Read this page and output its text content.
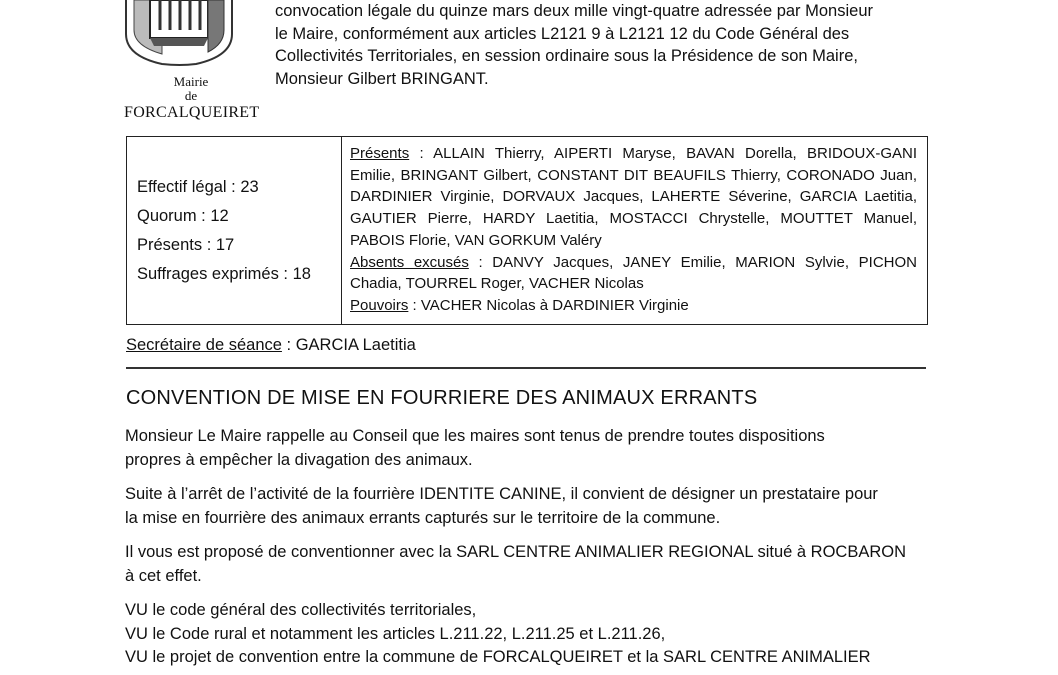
Mairie
de
FORCALQUEIRET
convocation légale du quinze mars deux mille vingt-quatre adressée par Monsieur
le Maire, conformément aux articles L2121 9 à L2121 12 du Code Général des
Collectivités Territoriales, en session ordinaire sous la Présidence de son Maire,
Monsieur Gilbert BRINGANT.
Effectif légal : 23
Quorum : 12
Présents : 17
Suffrages exprimés : 18

Présents : ALLAIN Thierry, AIPERTI Maryse, BAVAN Dorella, BRIDOUX-GANI Emilie, BRINGANT Gilbert, CONSTANT DIT BEAUFILS Thierry, CORONADO Juan, DARDINIER Virginie, DORVAUX Jacques, LAHERTE Séverine, GARCIA Laetitia, GAUTIER Pierre, HARDY Laetitia, MOSTACCI Chrystelle, MOUTTET Manuel, PABOIS Florie, VAN GORKUM Valéry

Absents excusés : DANVY Jacques, JANEY Emilie, MARION Sylvie, PICHON Chadia, TOURREL Roger, VACHER Nicolas

Pouvoirs : VACHER Nicolas à DARDINIER Virginie

Secrétaire de séance : GARCIA Laetitia
CONVENTION DE MISE EN FOURRIERE DES ANIMAUX ERRANTS
Monsieur Le Maire rappelle au Conseil que les maires sont tenus de prendre toutes dispositions
propres à empêcher la divagation des animaux.
Suite à l’arrêt de l’activité de la fourrière IDENTITE CANINE, il convient de désigner un prestataire pour
la mise en fourrière des animaux errants capturés sur le territoire de la commune.
Il vous est proposé de conventionner avec la SARL CENTRE ANIMALIER REGIONAL situé à ROCBARON
à cet effet.
VU le code général des collectivités territoriales,
VU le Code rural et notamment les articles L.211.22, L.211.25 et L.211.26,
VU le projet de convention entre la commune de FORCALQUEIRET et la SARL CENTRE ANIMALIER
